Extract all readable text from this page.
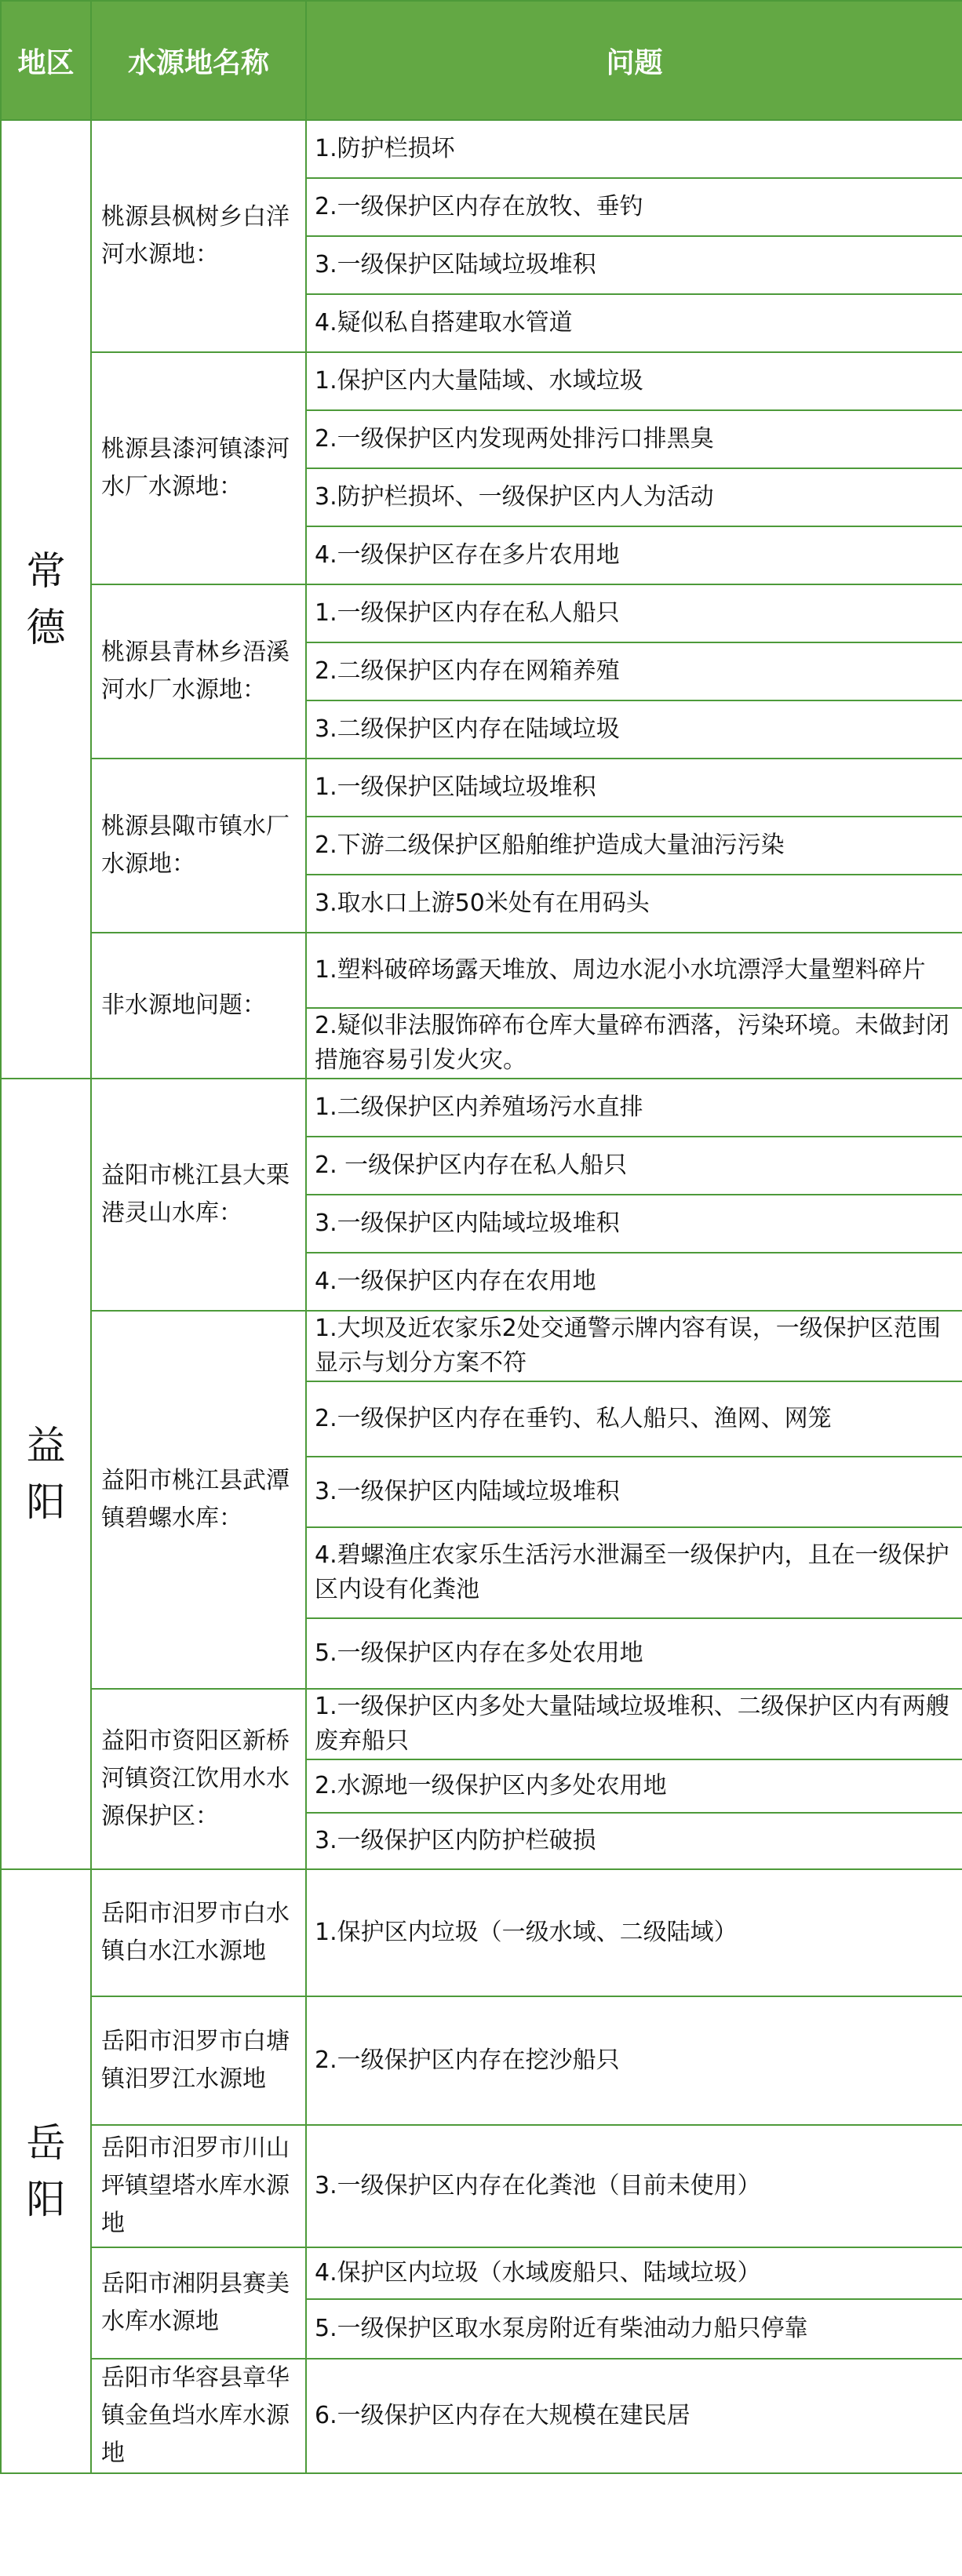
地区	水源地名称	问题

常
德	桃源县枫树乡白洋河水源地：	1.防护栏损坏
		2.一级保护区内存在放牧、垂钓
		3.一级保护区陆域垃圾堆积
		4.疑似私自搭建取水管道
	桃源县漆河镇漆河水厂水源地：	1.保护区内大量陆域、水域垃圾
		2.一级保护区内发现两处排污口排黑臭
		3.防护栏损坏、一级保护区内人为活动
		4.一级保护区存在多片农用地
	桃源县青林乡浯溪河水厂水源地：	1.一级保护区内存在私人船只
		2.二级保护区内存在网箱养殖
		3.二级保护区内存在陆域垃圾
	桃源县陬市镇水厂水源地：	1.一级保护区陆域垃圾堆积
		2.下游二级保护区船舶维护造成大量油污污染
		3.取水口上游50米处有在用码头
	非水源地问题：	1.塑料破碎场露天堆放、周边水泥小水坑漂浮大量塑料碎片
		2.疑似非法服饰碎布仓库大量碎布洒落，污染环境。未做封闭措施容易引发火灾。

益
阳	益阳市桃江县大栗港灵山水库：	1.二级保护区内养殖场污水直排
		2. 一级保护区内存在私人船只
		3.一级保护区内陆域垃圾堆积
		4.一级保护区内存在农用地
	益阳市桃江县武潭镇碧螺水库：	1.大坝及近农家乐2处交通警示牌内容有误，一级保护区范围显示与划分方案不符
		2.一级保护区内存在垂钓、私人船只、渔网、网笼
		3.一级保护区内陆域垃圾堆积
		4.碧螺渔庄农家乐生活污水泄漏至一级保护内，且在一级保护区内设有化粪池
		5.一级保护区内存在多处农用地
	益阳市资阳区新桥河镇资江饮用水水源保护区：	1.一级保护区内多处大量陆域垃圾堆积、二级保护区内有两艘废弃船只
		2.水源地一级保护区内多处农用地
		3.一级保护区内防护栏破损

岳
阳	岳阳市汨罗市白水镇白水江水源地	1.保护区内垃圾（一级水域、二级陆域）
	岳阳市汨罗市白塘镇汨罗江水源地	2.一级保护区内存在挖沙船只
	岳阳市汨罗市川山坪镇望塔水库水源地	3.一级保护区内存在化粪池（目前未使用）
	岳阳市湘阴县赛美水库水源地	4.保护区内垃圾（水域废船只、陆域垃圾）
		5.一级保护区取水泵房附近有柴油动力船只停靠
	岳阳市华容县章华镇金鱼垱水库水源地	6.一级保护区内存在大规模在建民居
